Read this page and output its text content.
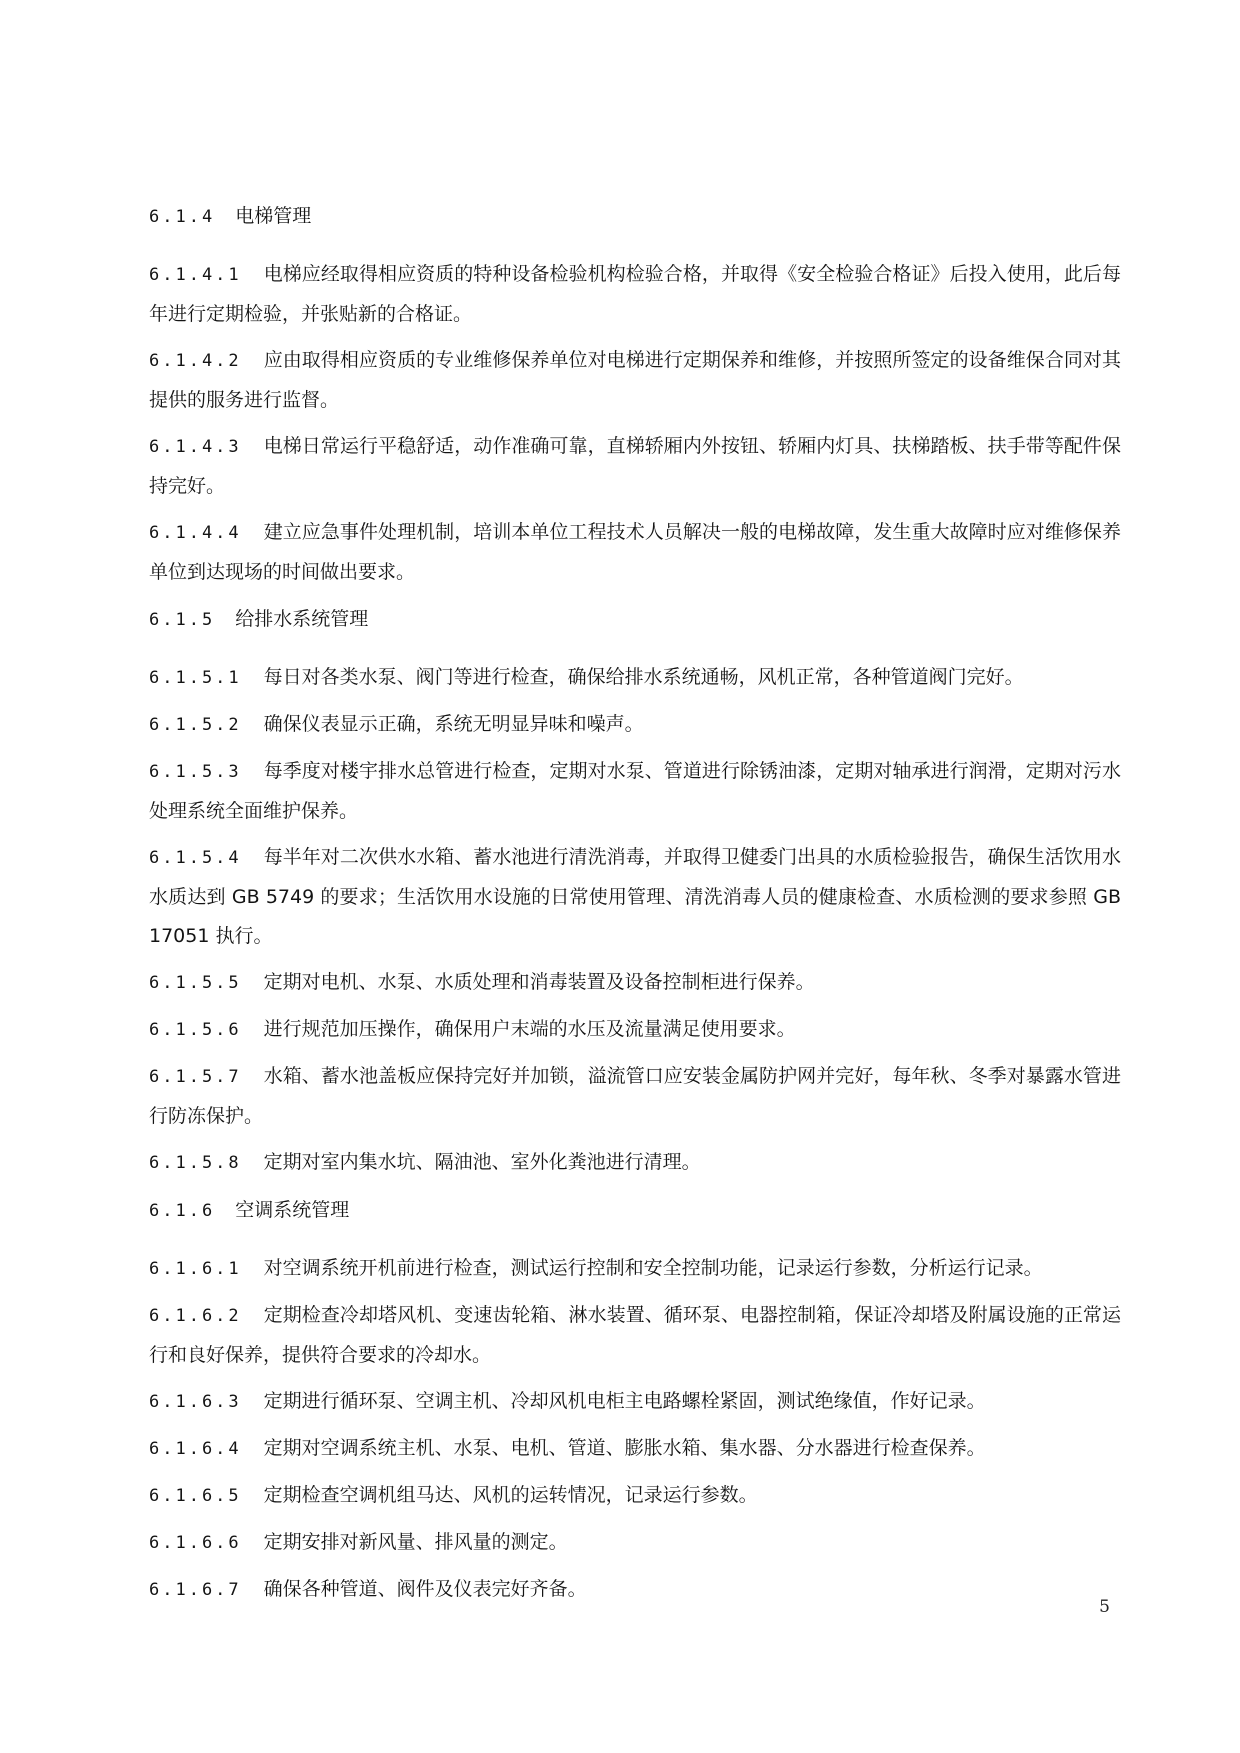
6.1.4 电梯管理

6.1.4.1 电梯应经取得相应资质的特种设备检验机构检验合格，并取得《安全检验合格证》后投入使用，此后每年进行定期检验，并张贴新的合格证。

6.1.4.2 应由取得相应资质的专业维修保养单位对电梯进行定期保养和维修，并按照所签定的设备维保合同对其提供的服务进行监督。

6.1.4.3 电梯日常运行平稳舒适，动作准确可靠，直梯轿厢内外按钮、轿厢内灯具、扶梯踏板、扶手带等配件保持完好。

6.1.4.4 建立应急事件处理机制，培训本单位工程技术人员解决一般的电梯故障，发生重大故障时应对维修保养单位到达现场的时间做出要求。

6.1.5 给排水系统管理

6.1.5.1 每日对各类水泵、阀门等进行检查，确保给排水系统通畅，风机正常，各种管道阀门完好。

6.1.5.2 确保仪表显示正确，系统无明显异味和噪声。

6.1.5.3 每季度对楼宇排水总管进行检查，定期对水泵、管道进行除锈油漆，定期对轴承进行润滑，定期对污水处理系统全面维护保养。

6.1.5.4 每半年对二次供水水箱、蓄水池进行清洗消毒，并取得卫健委门出具的水质检验报告，确保生活饮用水水质达到 GB 5749 的要求；生活饮用水设施的日常使用管理、清洗消毒人员的健康检查、水质检测的要求参照 GB 17051 执行。

6.1.5.5 定期对电机、水泵、水质处理和消毒装置及设备控制柜进行保养。

6.1.5.6 进行规范加压操作，确保用户末端的水压及流量满足使用要求。

6.1.5.7 水箱、蓄水池盖板应保持完好并加锁，溢流管口应安装金属防护网并完好，每年秋、冬季对暴露水管进行防冻保护。

6.1.5.8 定期对室内集水坑、隔油池、室外化粪池进行清理。

6.1.6 空调系统管理

6.1.6.1 对空调系统开机前进行检查，测试运行控制和安全控制功能，记录运行参数，分析运行记录。

6.1.6.2 定期检查冷却塔风机、变速齿轮箱、淋水装置、循环泵、电器控制箱，保证冷却塔及附属设施的正常运行和良好保养，提供符合要求的冷却水。

6.1.6.3 定期进行循环泵、空调主机、冷却风机电柜主电路螺栓紧固，测试绝缘值，作好记录。

6.1.6.4 定期对空调系统主机、水泵、电机、管道、膨胀水箱、集水器、分水器进行检查保养。

6.1.6.5 定期检查空调机组马达、风机的运转情况，记录运行参数。

6.1.6.6 定期安排对新风量、排风量的测定。

6.1.6.7 确保各种管道、阀件及仪表完好齐备。

5
